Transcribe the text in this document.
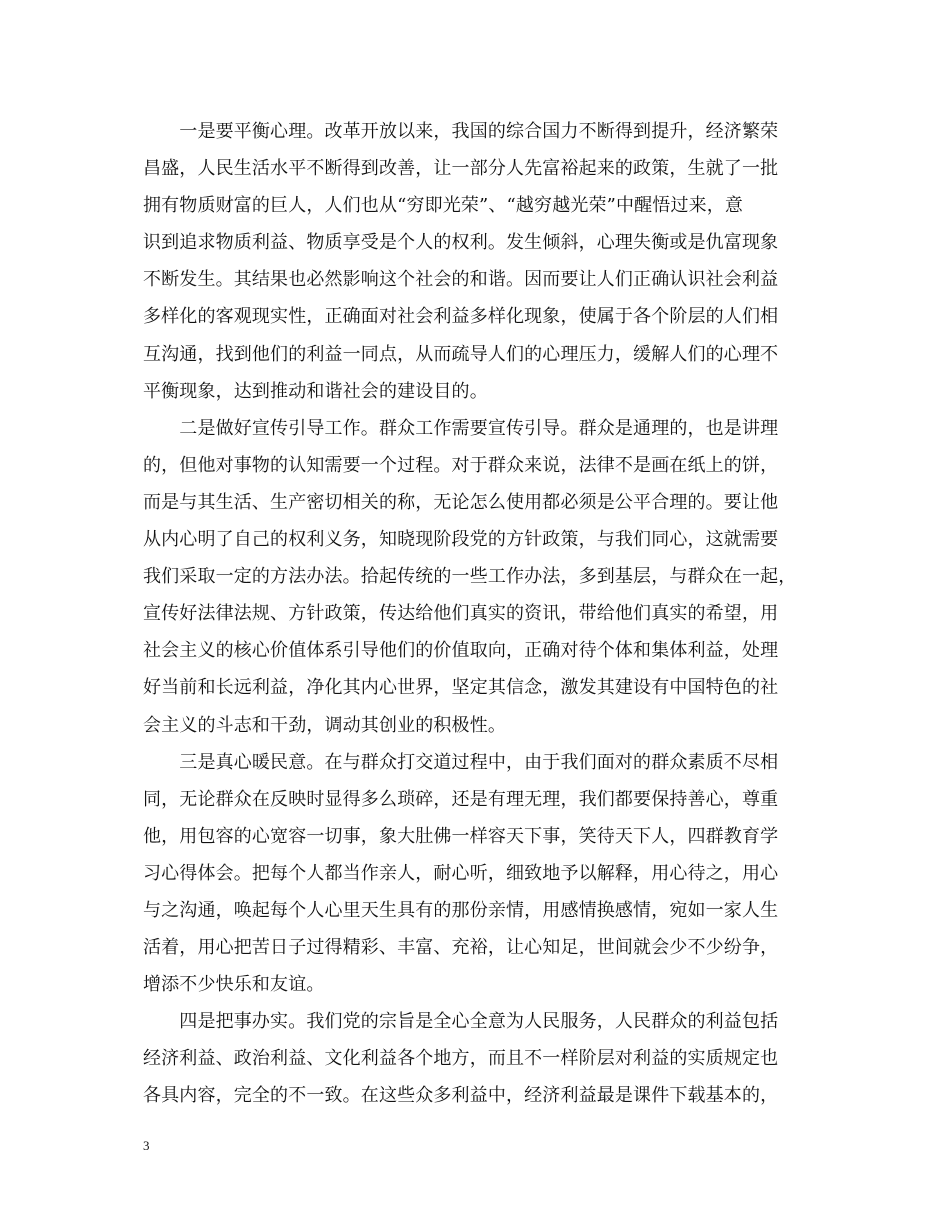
　　一是要平衡心理。改革开放以来，我国的综合国力不断得到提升，经济繁荣
昌盛，人民生活水平不断得到改善，让一部分人先富裕起来的政策，生就了一批
拥有物质财富的巨人，人们也从“穷即光荣”、“越穷越光荣”中醒悟过来，意
识到追求物质利益、物质享受是个人的权利。发生倾斜，心理失衡或是仇富现象
不断发生。其结果也必然影响这个社会的和谐。因而要让人们正确认识社会利益
多样化的客观现实性，正确面对社会利益多样化现象，使属于各个阶层的人们相
互沟通，找到他们的利益一同点，从而疏导人们的心理压力，缓解人们的心理不
平衡现象，达到推动和谐社会的建设目的。
　　二是做好宣传引导工作。群众工作需要宣传引导。群众是通理的，也是讲理
的，但他对事物的认知需要一个过程。对于群众来说，法律不是画在纸上的饼，
而是与其生活、生产密切相关的称，无论怎么使用都必须是公平合理的。要让他
从内心明了自己的权利义务，知晓现阶段党的方针政策，与我们同心，这就需要
我们采取一定的方法办法。拾起传统的一些工作办法，多到基层，与群众在一起，
宣传好法律法规、方针政策，传达给他们真实的资讯，带给他们真实的希望，用
社会主义的核心价值体系引导他们的价值取向，正确对待个体和集体利益，处理
好当前和长远利益，净化其内心世界，坚定其信念，激发其建设有中国特色的社
会主义的斗志和干劲，调动其创业的积极性。
　　三是真心暖民意。在与群众打交道过程中，由于我们面对的群众素质不尽相
同，无论群众在反映时显得多么琐碎，还是有理无理，我们都要保持善心，尊重
他，用包容的心宽容一切事，象大肚佛一样容天下事，笑待天下人，四群教育学
习心得体会。把每个人都当作亲人，耐心听，细致地予以解释，用心待之，用心
与之沟通，唤起每个人心里天生具有的那份亲情，用感情换感情，宛如一家人生
活着，用心把苦日子过得精彩、丰富、充裕，让心知足，世间就会少不少纷争，
增添不少快乐和友谊。
　　四是把事办实。我们党的宗旨是全心全意为人民服务，人民群众的利益包括
经济利益、政治利益、文化利益各个地方，而且不一样阶层对利益的实质规定也
各具内容，完全的不一致。在这些众多利益中，经济利益最是课件下载基本的，
3
